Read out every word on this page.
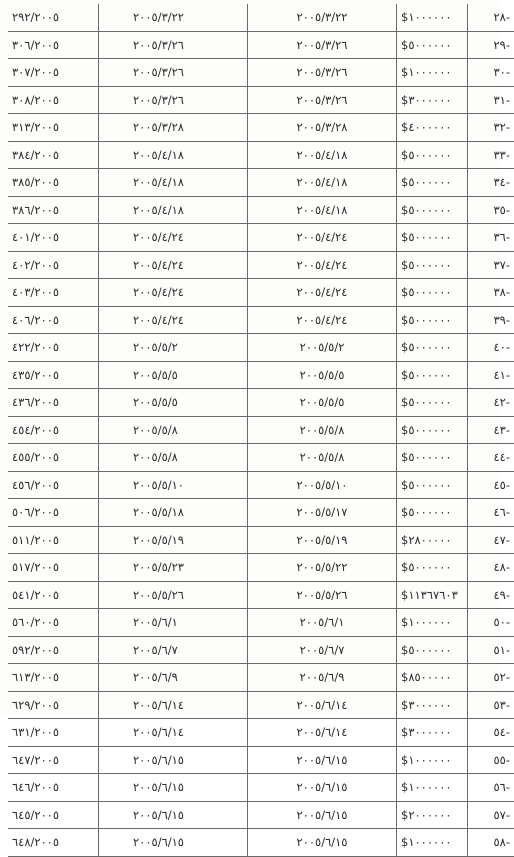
-٢٨	$١٠٠٠٠٠٠	٢٠٠٥/٣/٢٢	٢٠٠٥/٣/٢٢	٢٩٢/٢٠٠٥
-٢٩	$٥٠٠٠٠٠٠	٢٠٠٥/٣/٢٦	٢٠٠٥/٣/٢٦	٣٠٦/٢٠٠٥
-٣٠	$١٠٠٠٠٠٠	٢٠٠٥/٣/٢٦	٢٠٠٥/٣/٢٦	٣٠٧/٢٠٠٥
-٣١	$٣٠٠٠٠٠٠	٢٠٠٥/٣/٢٦	٢٠٠٥/٣/٢٦	٣٠٨/٢٠٠٥
-٣٢	$٤٠٠٠٠٠٠	٢٠٠٥/٣/٢٨	٢٠٠٥/٣/٢٨	٣١٣/٢٠٠٥
-٣٣	$٥٠٠٠٠٠٠	٢٠٠٥/٤/١٨	٢٠٠٥/٤/١٨	٣٨٤/٢٠٠٥
-٣٤	$٥٠٠٠٠٠٠	٢٠٠٥/٤/١٨	٢٠٠٥/٤/١٨	٣٨٥/٢٠٠٥
-٣٥	$٥٠٠٠٠٠٠	٢٠٠٥/٤/١٨	٢٠٠٥/٤/١٨	٣٨٦/٢٠٠٥
-٣٦	$٥٠٠٠٠٠٠	٢٠٠٥/٤/٢٤	٢٠٠٥/٤/٢٤	٤٠١/٢٠٠٥
-٣٧	$٥٠٠٠٠٠٠	٢٠٠٥/٤/٢٤	٢٠٠٥/٤/٢٤	٤٠٢/٢٠٠٥
-٣٨	$٥٠٠٠٠٠٠	٢٠٠٥/٤/٢٤	٢٠٠٥/٤/٢٤	٤٠٣/٢٠٠٥
-٣٩	$٥٠٠٠٠٠٠	٢٠٠٥/٤/٢٤	٢٠٠٥/٤/٢٤	٤٠٦/٢٠٠٥
-٤٠	$٥٠٠٠٠٠٠	٢٠٠٥/٥/٢	٢٠٠٥/٥/٢	٤٢٢/٢٠٠٥
-٤١	$٥٠٠٠٠٠٠	٢٠٠٥/٥/٥	٢٠٠٥/٥/٥	٤٣٥/٢٠٠٥
-٤٢	$٥٠٠٠٠٠٠	٢٠٠٥/٥/٥	٢٠٠٥/٥/٥	٤٣٦/٢٠٠٥
-٤٣	$٥٠٠٠٠٠٠	٢٠٠٥/٥/٨	٢٠٠٥/٥/٨	٤٥٤/٢٠٠٥
-٤٤	$٥٠٠٠٠٠٠	٢٠٠٥/٥/٨	٢٠٠٥/٥/٨	٤٥٥/٢٠٠٥
-٤٥	$٥٠٠٠٠٠٠	٢٠٠٥/٥/١٠	٢٠٠٥/٥/١٠	٤٥٦/٢٠٠٥
-٤٦	$٥٠٠٠٠٠٠	٢٠٠٥/٥/١٧	٢٠٠٥/٥/١٨	٥٠٦/٢٠٠٥
-٤٧	$٢٨٠٠٠٠٠	٢٠٠٥/٥/١٩	٢٠٠٥/٥/١٩	٥١١/٢٠٠٥
-٤٨	$٥٠٠٠٠٠٠	٢٠٠٥/٥/٢٢	٢٠٠٥/٥/٢٣	٥١٧/٢٠٠٥
-٤٩	$١١٣٦٧٦٠٣	٢٠٠٥/٥/٢٦	٢٠٠٥/٥/٢٦	٥٤١/٢٠٠٥
-٥٠	$١٠٠٠٠٠٠	٢٠٠٥/٦/١	٢٠٠٥/٦/١	٥٦٠/٢٠٠٥
-٥١	$٥٠٠٠٠٠٠	٢٠٠٥/٦/٧	٢٠٠٥/٦/٧	٥٩٢/٢٠٠٥
-٥٢	$٨٥٠٠٠٠٠	٢٠٠٥/٦/٩	٢٠٠٥/٦/٩	٦١٣/٢٠٠٥
-٥٣	$٣٠٠٠٠٠٠	٢٠٠٥/٦/١٤	٢٠٠٥/٦/١٤	٦٢٩/٢٠٠٥
-٥٤	$٣٠٠٠٠٠٠	٢٠٠٥/٦/١٤	٢٠٠٥/٦/١٤	٦٣١/٢٠٠٥
-٥٥	$١٠٠٠٠٠٠	٢٠٠٥/٦/١٥	٢٠٠٥/٦/١٥	٦٤٧/٢٠٠٥
-٥٦	$١٠٠٠٠٠٠	٢٠٠٥/٦/١٥	٢٠٠٥/٦/١٥	٦٤٦/٢٠٠٥
-٥٧	$٢٠٠٠٠٠٠	٢٠٠٥/٦/١٥	٢٠٠٥/٦/١٥	٦٤٥/٢٠٠٥
-٥٨	$١٠٠٠٠٠٠	٢٠٠٥/٦/١٥	٢٠٠٥/٦/١٥	٦٤٨/٢٠٠٥
